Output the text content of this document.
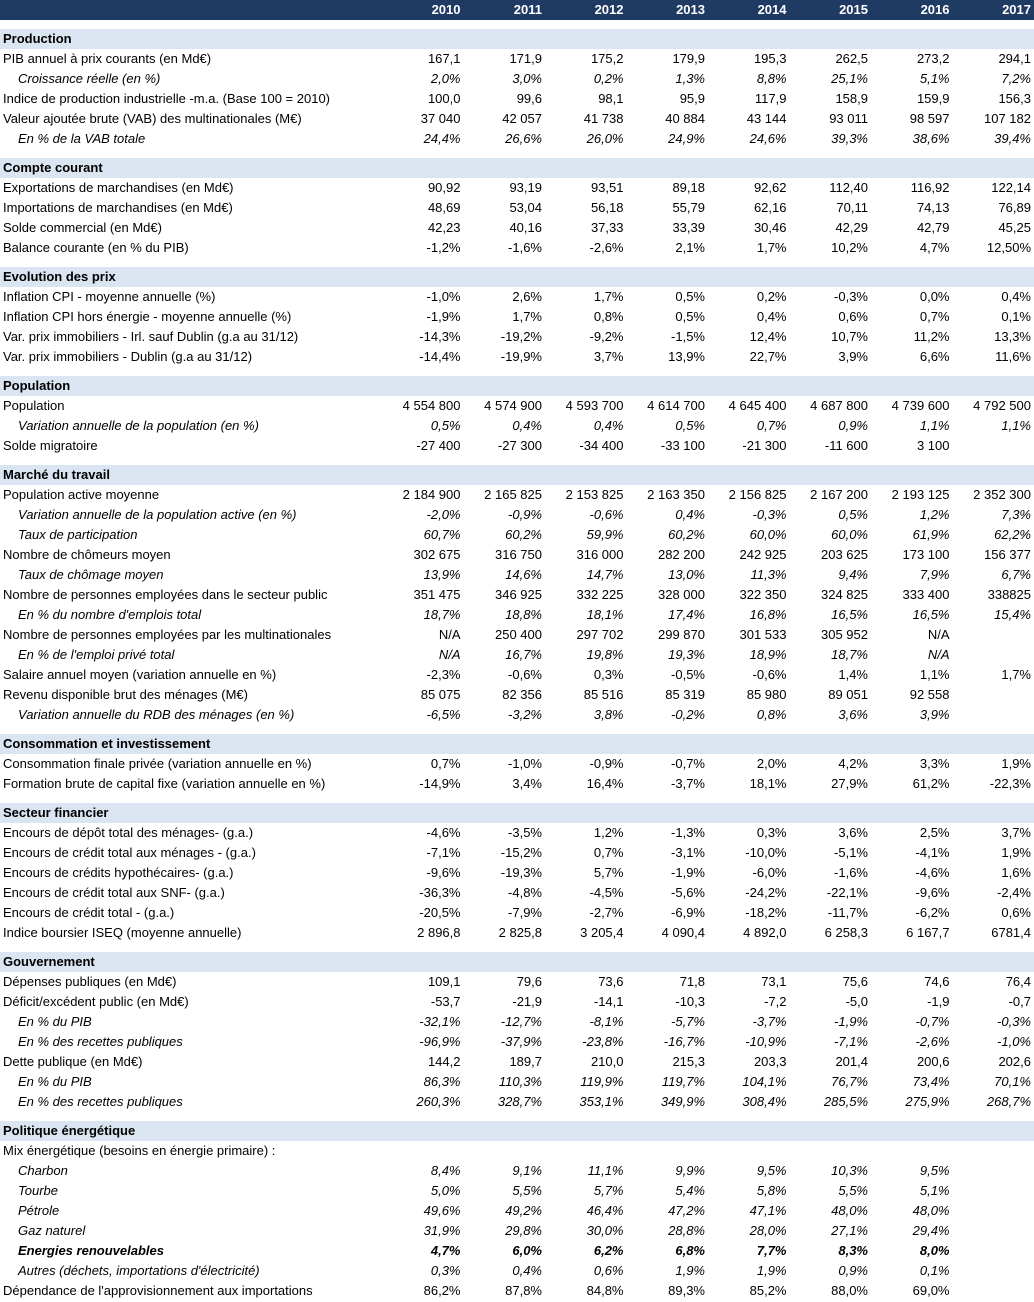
	2010	2011	2012	2013	2014	2015	2016	2017

Production								
PIB annuel à prix courants (en Md€)	167,1	171,9	175,2	179,9	195,3	262,5	273,2	294,1
Croissance réelle (en %)	2,0%	3,0%	0,2%	1,3%	8,8%	25,1%	5,1%	7,2%
Indice de production industrielle -m.a. (Base 100 = 2010)	100,0	99,6	98,1	95,9	117,9	158,9	159,9	156,3
Valeur ajoutée brute (VAB) des multinationales (M€)	37 040	42 057	41 738	40 884	43 144	93 011	98 597	107 182
En % de la VAB totale	24,4%	26,6%	26,0%	24,9%	24,6%	39,3%	38,6%	39,4%

Compte courant								
Exportations de marchandises (en Md€)	90,92	93,19	93,51	89,18	92,62	112,40	116,92	122,14
Importations de marchandises (en Md€)	48,69	53,04	56,18	55,79	62,16	70,11	74,13	76,89
Solde commercial (en Md€)	42,23	40,16	37,33	33,39	30,46	42,29	42,79	45,25
Balance courante (en % du PIB)	-1,2%	-1,6%	-2,6%	2,1%	1,7%	10,2%	4,7%	12,50%

Evolution des prix								
Inflation CPI - moyenne annuelle (%)	-1,0%	2,6%	1,7%	0,5%	0,2%	-0,3%	0,0%	0,4%
Inflation CPI hors énergie - moyenne annuelle (%)	-1,9%	1,7%	0,8%	0,5%	0,4%	0,6%	0,7%	0,1%
Var. prix immobiliers - Irl. sauf Dublin (g.a au 31/12)	-14,3%	-19,2%	-9,2%	-1,5%	12,4%	10,7%	11,2%	13,3%
Var. prix immobiliers - Dublin (g.a au 31/12)	-14,4%	-19,9%	3,7%	13,9%	22,7%	3,9%	6,6%	11,6%

Population								
Population	4 554 800	4 574 900	4 593 700	4 614 700	4 645 400	4 687 800	4 739 600	4 792 500
Variation annuelle de la population (en %)	0,5%	0,4%	0,4%	0,5%	0,7%	0,9%	1,1%	1,1%
Solde migratoire	-27 400	-27 300	-34 400	-33 100	-21 300	-11 600	3 100	

Marché du travail								
Population active moyenne	2 184 900	2 165 825	2 153 825	2 163 350	2 156 825	2 167 200	2 193 125	2 352 300
Variation annuelle de la population active (en %)	-2,0%	-0,9%	-0,6%	0,4%	-0,3%	0,5%	1,2%	7,3%
Taux de participation	60,7%	60,2%	59,9%	60,2%	60,0%	60,0%	61,9%	62,2%
Nombre de chômeurs moyen	302 675	316 750	316 000	282 200	242 925	203 625	173 100	156 377
Taux de chômage moyen	13,9%	14,6%	14,7%	13,0%	11,3%	9,4%	7,9%	6,7%
Nombre de personnes employées dans le secteur public	351 475	346 925	332 225	328 000	322 350	324 825	333 400	338825
En % du nombre d'emplois total	18,7%	18,8%	18,1%	17,4%	16,8%	16,5%	16,5%	15,4%
Nombre de personnes employées par les multinationales	N/A	250 400	297 702	299 870	301 533	305 952	N/A	
En % de l'emploi privé total	N/A	16,7%	19,8%	19,3%	18,9%	18,7%	N/A	
Salaire annuel moyen (variation annuelle en %)	-2,3%	-0,6%	0,3%	-0,5%	-0,6%	1,4%	1,1%	1,7%
Revenu disponible brut des ménages (M€)	85 075	82 356	85 516	85 319	85 980	89 051	92 558	
Variation annuelle du RDB des ménages (en %)	-6,5%	-3,2%	3,8%	-0,2%	0,8%	3,6%	3,9%	

Consommation et investissement								
Consommation finale privée (variation annuelle en %)	0,7%	-1,0%	-0,9%	-0,7%	2,0%	4,2%	3,3%	1,9%
Formation brute de capital fixe (variation annuelle en %)	-14,9%	3,4%	16,4%	-3,7%	18,1%	27,9%	61,2%	-22,3%

Secteur financier								
Encours de dépôt total des ménages- (g.a.)	-4,6%	-3,5%	1,2%	-1,3%	0,3%	3,6%	2,5%	3,7%
Encours de crédit total aux ménages - (g.a.)	-7,1%	-15,2%	0,7%	-3,1%	-10,0%	-5,1%	-4,1%	1,9%
Encours de crédits hypothécaires- (g.a.)	-9,6%	-19,3%	5,7%	-1,9%	-6,0%	-1,6%	-4,6%	1,6%
Encours de crédit total aux SNF- (g.a.)	-36,3%	-4,8%	-4,5%	-5,6%	-24,2%	-22,1%	-9,6%	-2,4%
Encours de crédit total - (g.a.)	-20,5%	-7,9%	-2,7%	-6,9%	-18,2%	-11,7%	-6,2%	0,6%
Indice boursier ISEQ (moyenne annuelle)	2 896,8	2 825,8	3 205,4	4 090,4	4 892,0	6 258,3	6 167,7	6781,4

Gouvernement								
Dépenses publiques (en Md€)	109,1	79,6	73,6	71,8	73,1	75,6	74,6	76,4
Déficit/excédent public (en Md€)	-53,7	-21,9	-14,1	-10,3	-7,2	-5,0	-1,9	-0,7
En % du PIB	-32,1%	-12,7%	-8,1%	-5,7%	-3,7%	-1,9%	-0,7%	-0,3%
En % des recettes publiques	-96,9%	-37,9%	-23,8%	-16,7%	-10,9%	-7,1%	-2,6%	-1,0%
Dette publique (en Md€)	144,2	189,7	210,0	215,3	203,3	201,4	200,6	202,6
En % du PIB	86,3%	110,3%	119,9%	119,7%	104,1%	76,7%	73,4%	70,1%
En % des recettes publiques	260,3%	328,7%	353,1%	349,9%	308,4%	285,5%	275,9%	268,7%

Politique énergétique								
Mix énergétique (besoins en énergie primaire) :								
Charbon	8,4%	9,1%	11,1%	9,9%	9,5%	10,3%	9,5%	
Tourbe	5,0%	5,5%	5,7%	5,4%	5,8%	5,5%	5,1%	
Pétrole	49,6%	49,2%	46,4%	47,2%	47,1%	48,0%	48,0%	
Gaz naturel	31,9%	29,8%	30,0%	28,8%	28,0%	27,1%	29,4%	
Energies renouvelables	4,7%	6,0%	6,2%	6,8%	7,7%	8,3%	8,0%	
Autres (déchets, importations d'électricité)	0,3%	0,4%	0,6%	1,9%	1,9%	0,9%	0,1%	
Dépendance de l'approvisionnement aux importations	86,2%	87,8%	84,8%	89,3%	85,2%	88,0%	69,0%	
